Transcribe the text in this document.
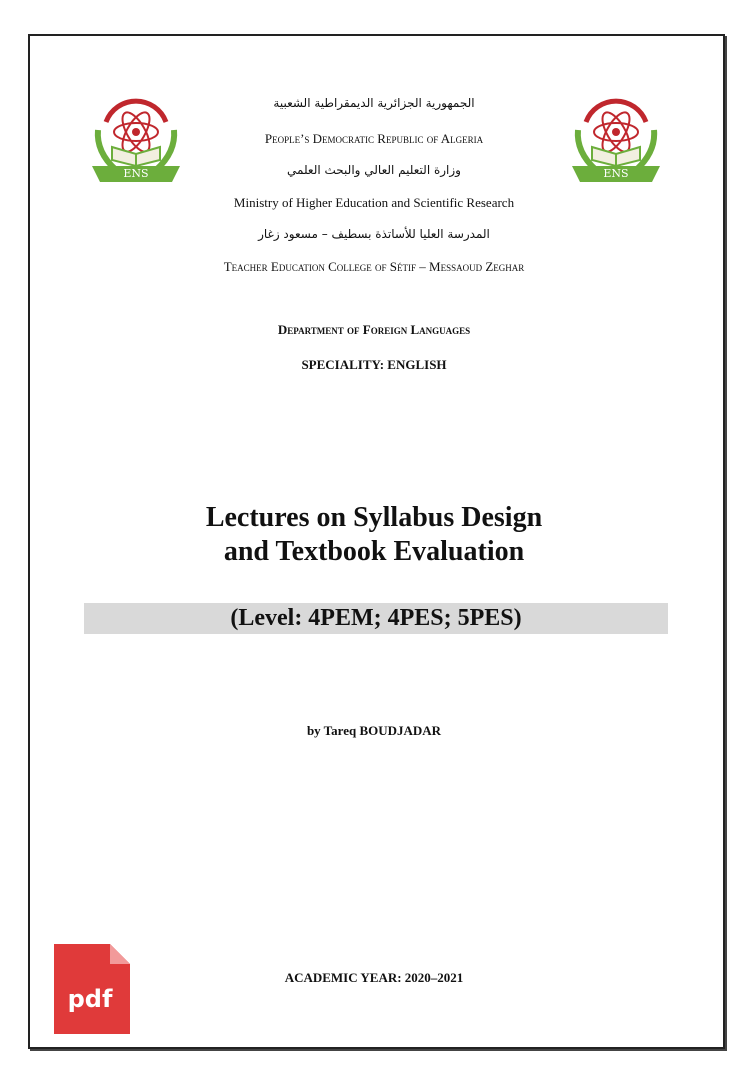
ENS	ENS
الجمهورية الجزائرية الديمقراطية الشعبية
People’s Democratic Republic of Algeria
وزارة التعليم العالي والبحث العلمي
Ministry of Higher Education and Scientific Research
المدرسة العليا للأساتذة بسطيف – مسعود زغار
Teacher Education College of Sétif – Messaoud Zeghar
Department of Foreign Languages
SPECIALITY: ENGLISH
Lectures on Syllabus Design
and Textbook Evaluation
(Level: 4PEM; 4PES; 5PES)
by Tareq BOUDJADAR
ACADEMIC YEAR: 2020–2021
pdf
